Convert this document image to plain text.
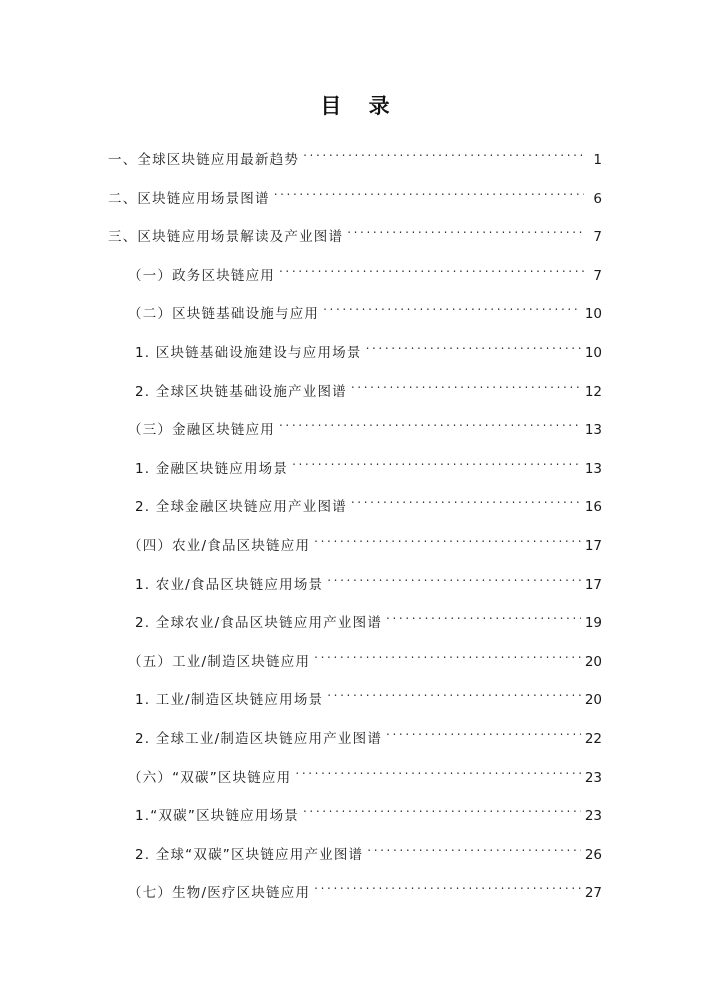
目 录
一、全球区块链应用最新趋势 . . .	1
二、区块链应用场景图谱 . . .	6
三、区块链应用场景解读及产业图谱 . . .	7
（一）政务区块链应用 . . .	7
（二）区块链基础设施与应用 . . .	10
1. 区块链基础设施建设与应用场景 . . .	10
2. 全球区块链基础设施产业图谱 . . .	12
（三）金融区块链应用 . . .	13
1. 金融区块链应用场景 . . .	13
2. 全球金融区块链应用产业图谱 . . .	16
（四）农业/食品区块链应用 . . .	17
1. 农业/食品区块链应用场景 . . .	17
2. 全球农业/食品区块链应用产业图谱 . . .	19
（五）工业/制造区块链应用 . . .	20
1. 工业/制造区块链应用场景 . . .	20
2. 全球工业/制造区块链应用产业图谱 . . .	22
（六）“双碳”区块链应用 . . .	23
1.“双碳”区块链应用场景 . . .	23
2. 全球“双碳”区块链应用产业图谱 . . .	26
（七）生物/医疗区块链应用 . . .	27
